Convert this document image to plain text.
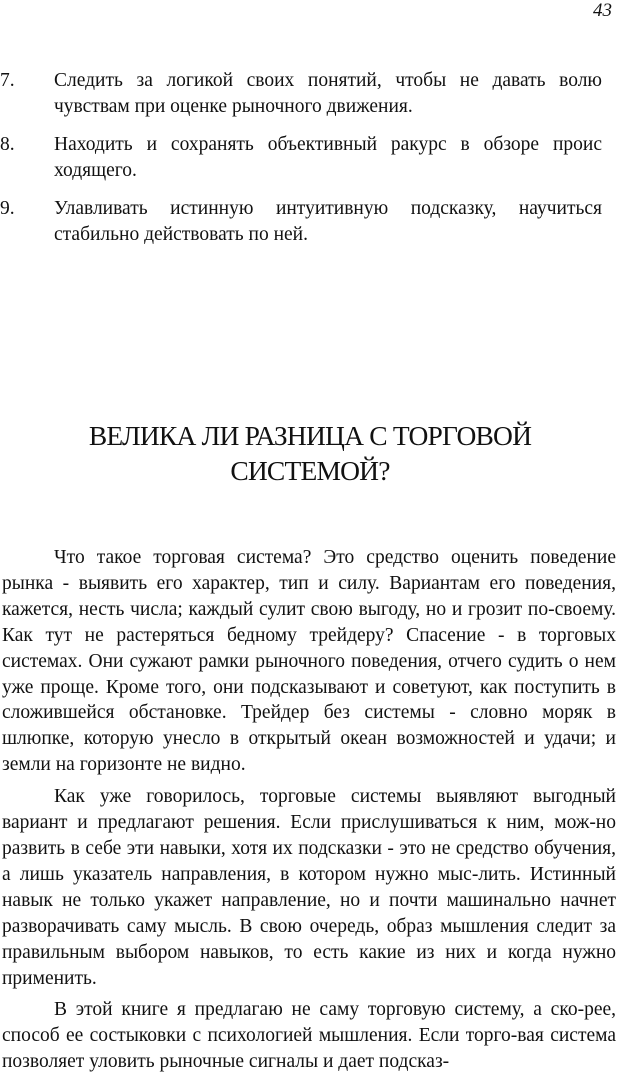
43
7.	Следить за логикой своих понятий, чтобы не давать волю чувствам при оценке рыночного движения.
8.	Находить и сохранять объективный ракурс в обзоре проис ходящего.
9.	Улавливать истинную интуитивную подсказку, научиться стабильно действовать по ней.
ВЕЛИКА ЛИ РАЗНИЦА С ТОРГОВОЙ СИСТЕМОЙ?

Что такое торговая система? Это средство оценить поведение рынка - выявить его характер, тип и силу. Вариантам его поведения, кажется, несть числа; каждый сулит свою выгоду, но и грозит по-своему. Как тут не растеряться бедному трейдеру? Спасение - в торговых системах. Они сужают рамки рыночного поведения, отчего судить о нем уже проще. Кроме того, они подсказывают и советуют, как поступить в сложившейся обстановке. Трейдер без системы - словно моряк в шлюпке, которую унесло в открытый океан возможностей и удачи; и земли на горизонте не видно.

Как уже говорилось, торговые системы выявляют выгодный вариант и предлагают решения. Если прислушиваться к ним, мож-но развить в себе эти навыки, хотя их подсказки - это не средство обучения, а лишь указатель направления, в котором нужно мыс-лить. Истинный навык не только укажет направление, но и почти машинально начнет разворачивать саму мысль. В свою очередь, образ мышления следит за правильным выбором навыков, то есть какие из них и когда нужно применить.

В этой книге я предлагаю не саму торговую систему, а ско-рее, способ ее состыковки с психологией мышления. Если торго-вая система позволяет уловить рыночные сигналы и дает подсказ-
